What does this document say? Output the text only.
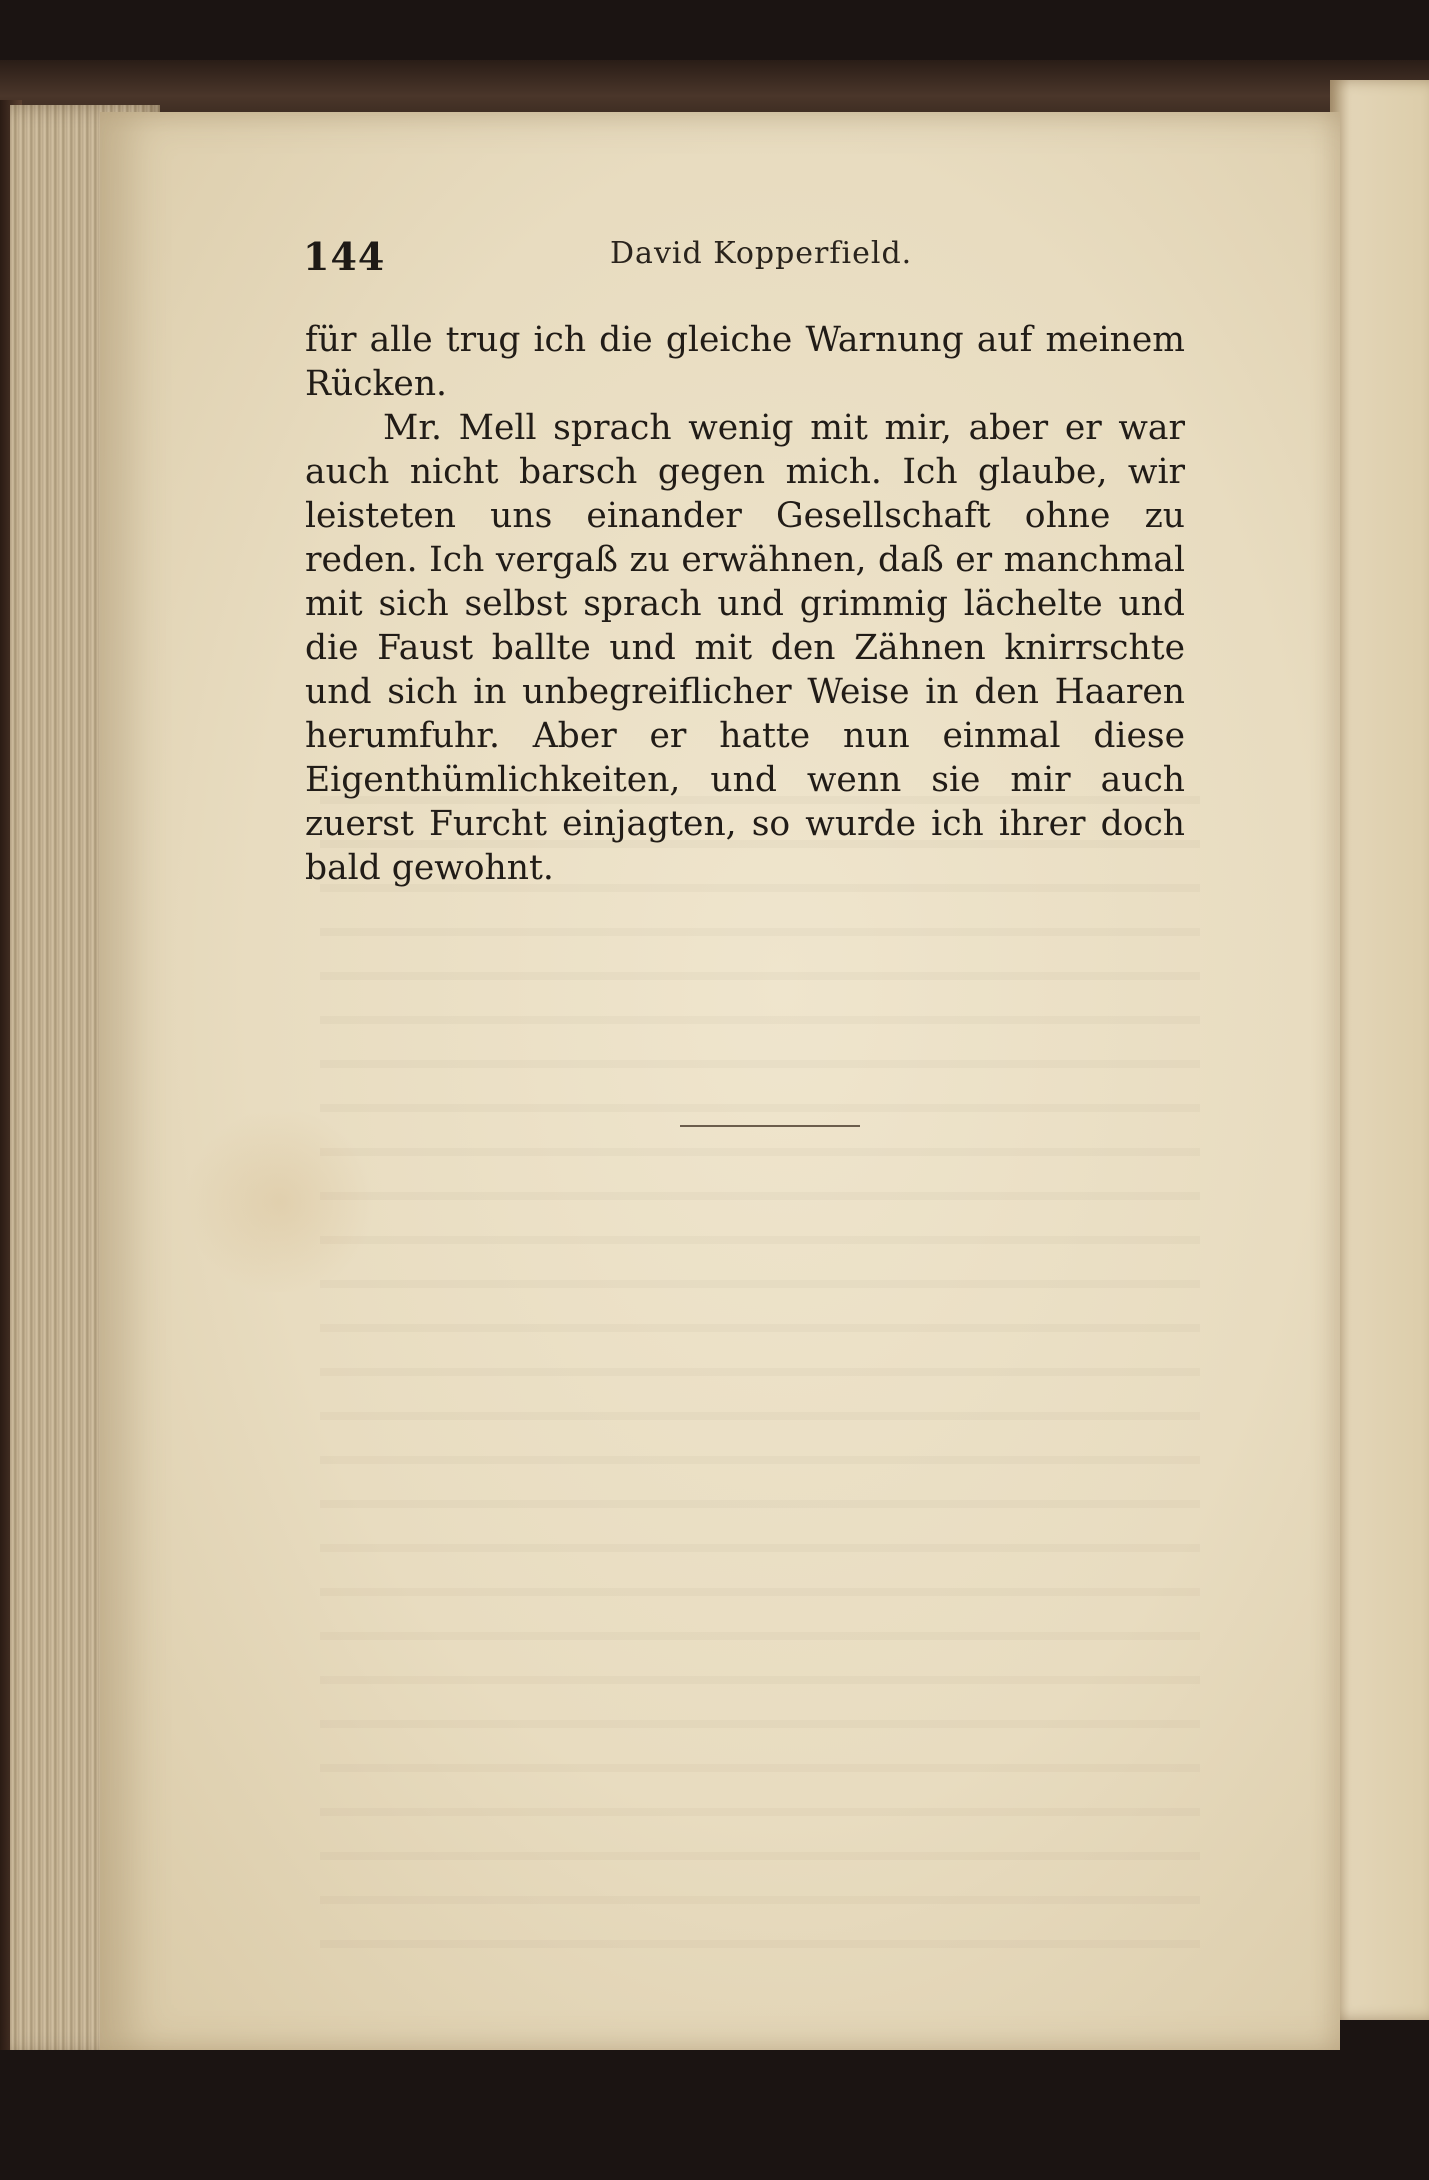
144	David Kopperfield.

für alle trug ich die gleiche Warnung auf meinem Rücken.

Mr. Mell sprach wenig mit mir, aber er war auch nicht barsch gegen mich. Ich glaube, wir leisteten uns einander Gesellschaft ohne zu reden. Ich vergaß zu erwähnen, daß er manchmal mit sich selbst sprach und grimmig lächelte und die Faust ballte und mit den Zähnen knirrschte und sich in unbegreiflicher Weise in den Haaren herumfuhr. Aber er hatte nun einmal diese Eigenthümlichkeiten, und wenn sie mir auch zuerst Furcht einjagten, so wurde ich ihrer doch bald gewohnt.
